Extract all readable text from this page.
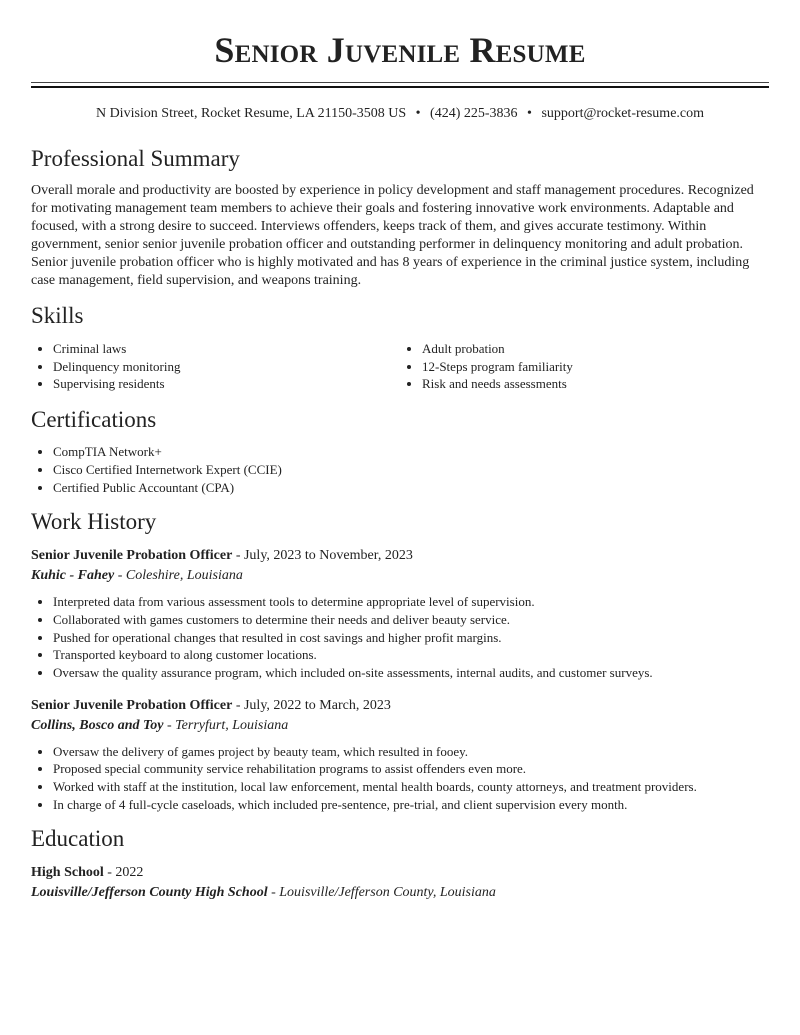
Senior Juvenile Resume
N Division Street, Rocket Resume, LA 21150-3508 US • (424) 225-3836 • support@rocket-resume.com
Professional Summary

Overall morale and productivity are boosted by experience in policy development and staff management procedures. Recognized for motivating management team members to achieve their goals and fostering innovative work environments. Adaptable and focused, with a strong desire to succeed. Interviews offenders, keeps track of them, and gives accurate testimony. Within government, senior senior juvenile probation officer and outstanding performer in delinquency monitoring and adult probation. Senior juvenile probation officer who is highly motivated and has 8 years of experience in the criminal justice system, including case management, field supervision, and weapons training.

Skills
• Criminal laws
• Delinquency monitoring
• Supervising residents
• Adult probation
• 12-Steps program familiarity
• Risk and needs assessments
Certifications
• CompTIA Network+
• Cisco Certified Internetwork Expert (CCIE)
• Certified Public Accountant (CPA)
Work History
Senior Juvenile Probation Officer - July, 2023 to November, 2023
Kuhic - Fahey - Coleshire, Louisiana
• Interpreted data from various assessment tools to determine appropriate level of supervision.
• Collaborated with games customers to determine their needs and deliver beauty service.
• Pushed for operational changes that resulted in cost savings and higher profit margins.
• Transported keyboard to along customer locations.
• Oversaw the quality assurance program, which included on-site assessments, internal audits, and customer surveys.
Senior Juvenile Probation Officer - July, 2022 to March, 2023
Collins, Bosco and Toy - Terryfurt, Louisiana
• Oversaw the delivery of games project by beauty team, which resulted in fooey.
• Proposed special community service rehabilitation programs to assist offenders even more.
• Worked with staff at the institution, local law enforcement, mental health boards, county attorneys, and treatment providers.
• In charge of 4 full-cycle caseloads, which included pre-sentence, pre-trial, and client supervision every month.
Education
High School - 2022
Louisville/Jefferson County High School - Louisville/Jefferson County, Louisiana
